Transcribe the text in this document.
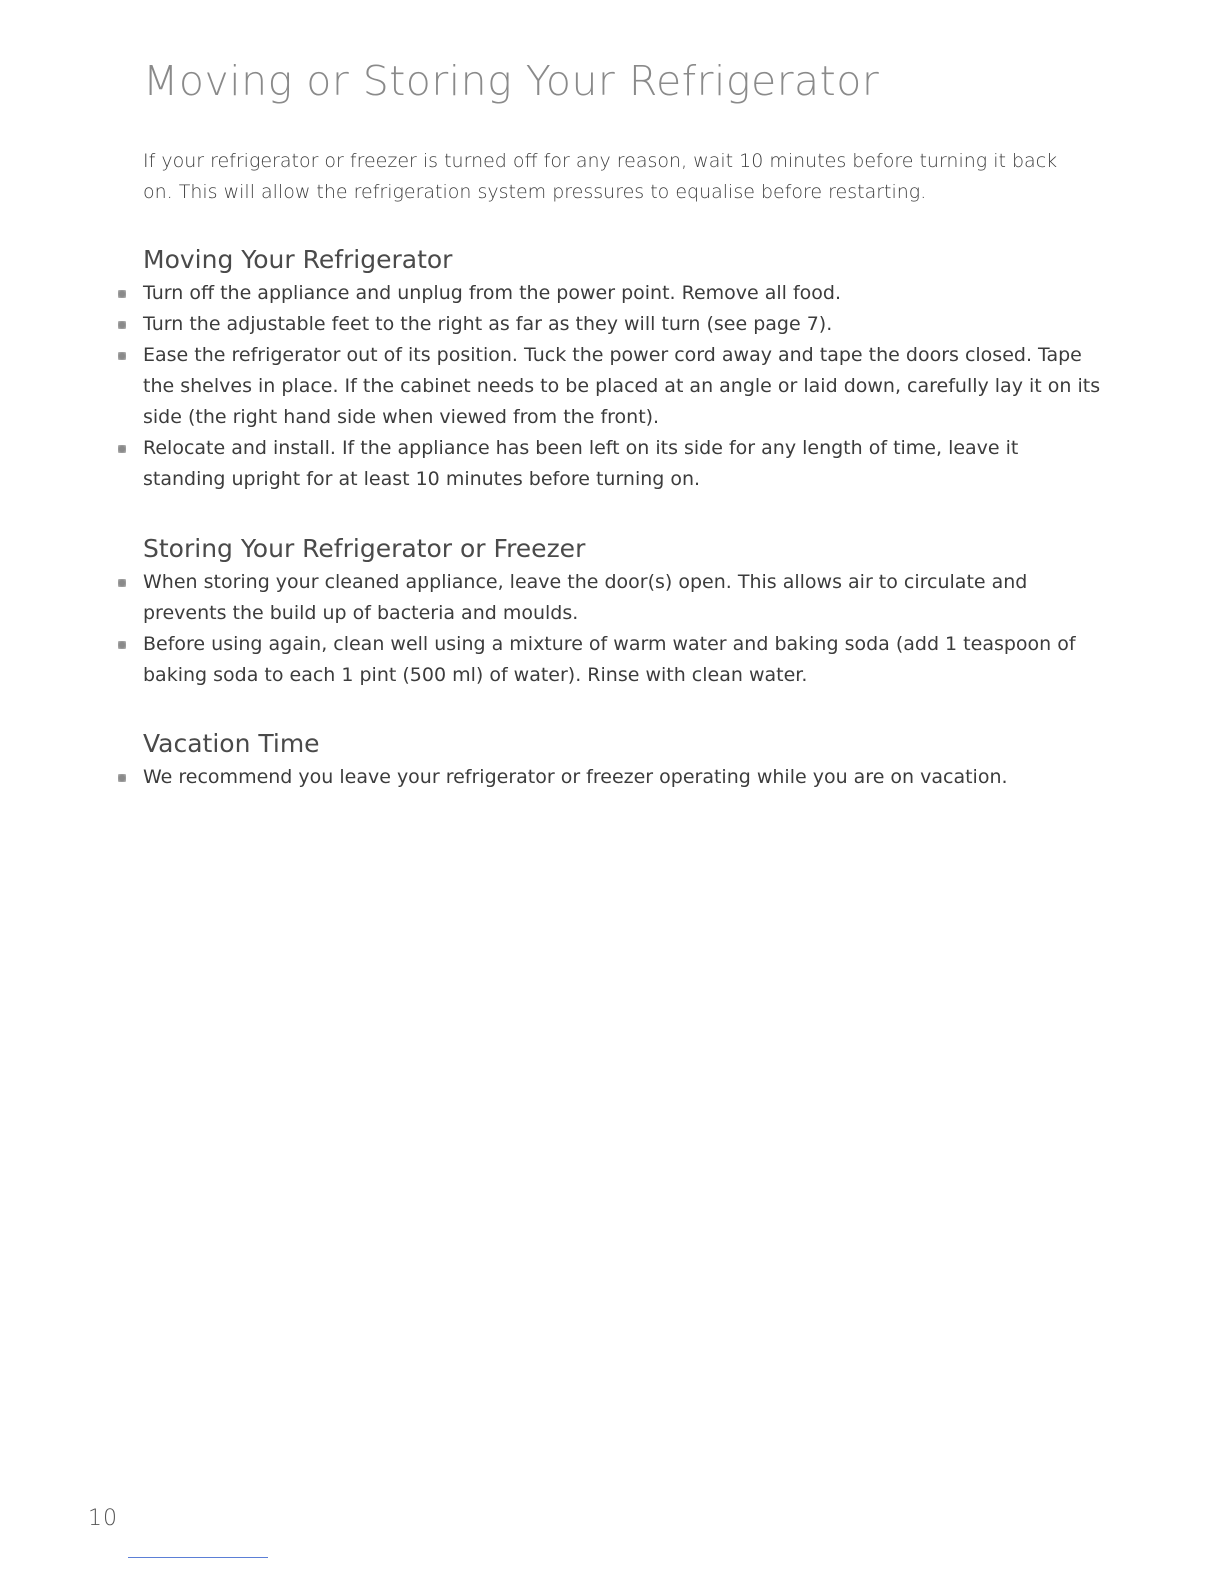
Moving or Storing Your Refrigerator

If your refrigerator or freezer is turned off for any reason, wait 10 minutes before turning it back on. This will allow the refrigeration system pressures to equalise before restarting.

Moving Your Refrigerator
Turn off the appliance and unplug from the power point. Remove all food.
Turn the adjustable feet to the right as far as they will turn (see page 7).
Ease the refrigerator out of its position. Tuck the power cord away and tape the doors closed. Tape the shelves in place. If the cabinet needs to be placed at an angle or laid down, carefully lay it on its side (the right hand side when viewed from the front).
Relocate and install. If the appliance has been left on its side for any length of time, leave it standing upright for at least 10 minutes before turning on.
Storing Your Refrigerator or Freezer
When storing your cleaned appliance, leave the door(s) open. This allows air to circulate and prevents the build up of bacteria and moulds.
Before using again, clean well using a mixture of warm water and baking soda (add 1 teaspoon of baking soda to each 1 pint (500 ml) of water). Rinse with clean water.
Vacation Time
We recommend you leave your refrigerator or freezer operating while you are on vacation.
10
